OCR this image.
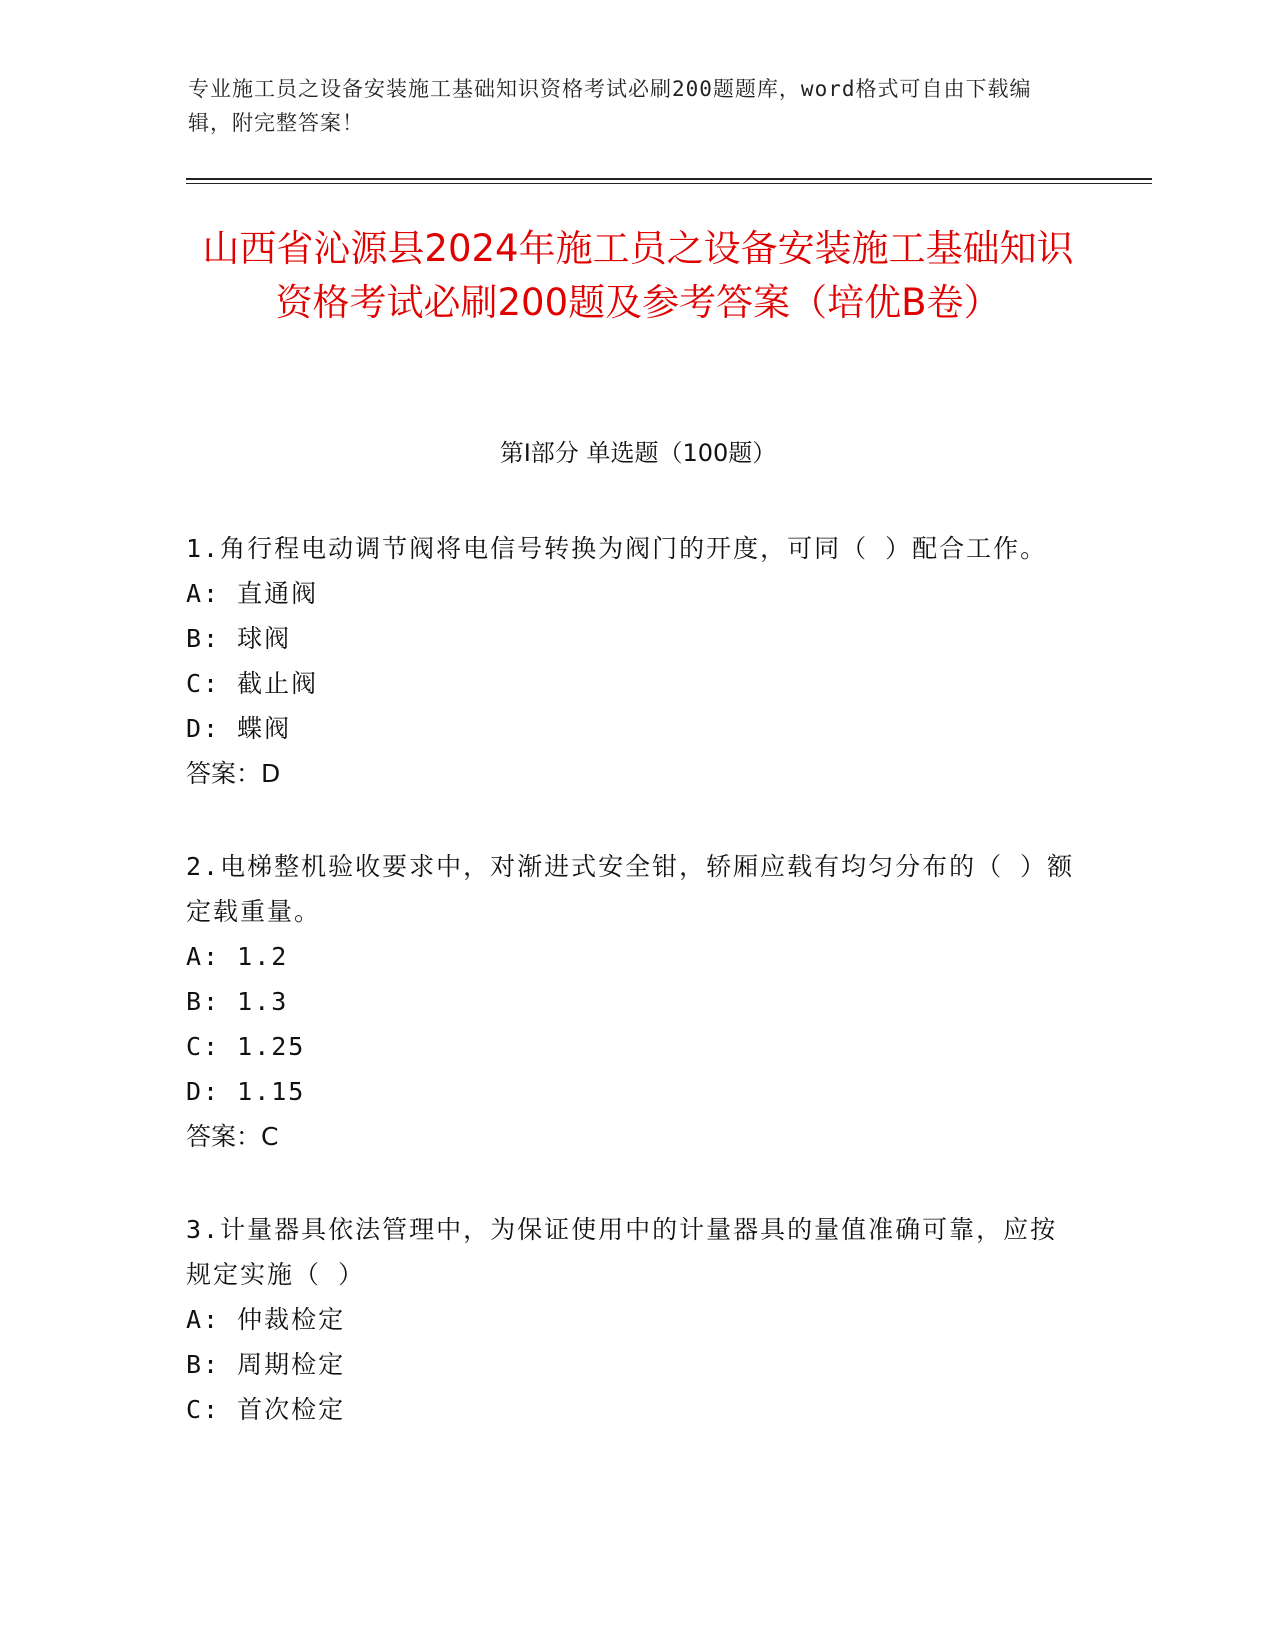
专业施工员之设备安装施工基础知识资格考试必刷200题题库，word格式可自由下载编辑，附完整答案！
山西省沁源县2024年施工员之设备安装施工基础知识资格考试必刷200题及参考答案（培优B卷）
第Ⅰ部分 单选题（100题）

1.角行程电动调节阀将电信号转换为阀门的开度，可同（ ）配合工作。

A: 直通阀

B: 球阀

C: 截止阀

D: 蝶阀

答案：D

2.电梯整机验收要求中，对渐进式安全钳，轿厢应载有均匀分布的（ ）额定载重量。

A: 1.2

B: 1.3

C: 1.25

D: 1.15

答案：C

3.计量器具依法管理中，为保证使用中的计量器具的量值准确可靠，应按规定实施（ ）

A: 仲裁检定

B: 周期检定

C: 首次检定
